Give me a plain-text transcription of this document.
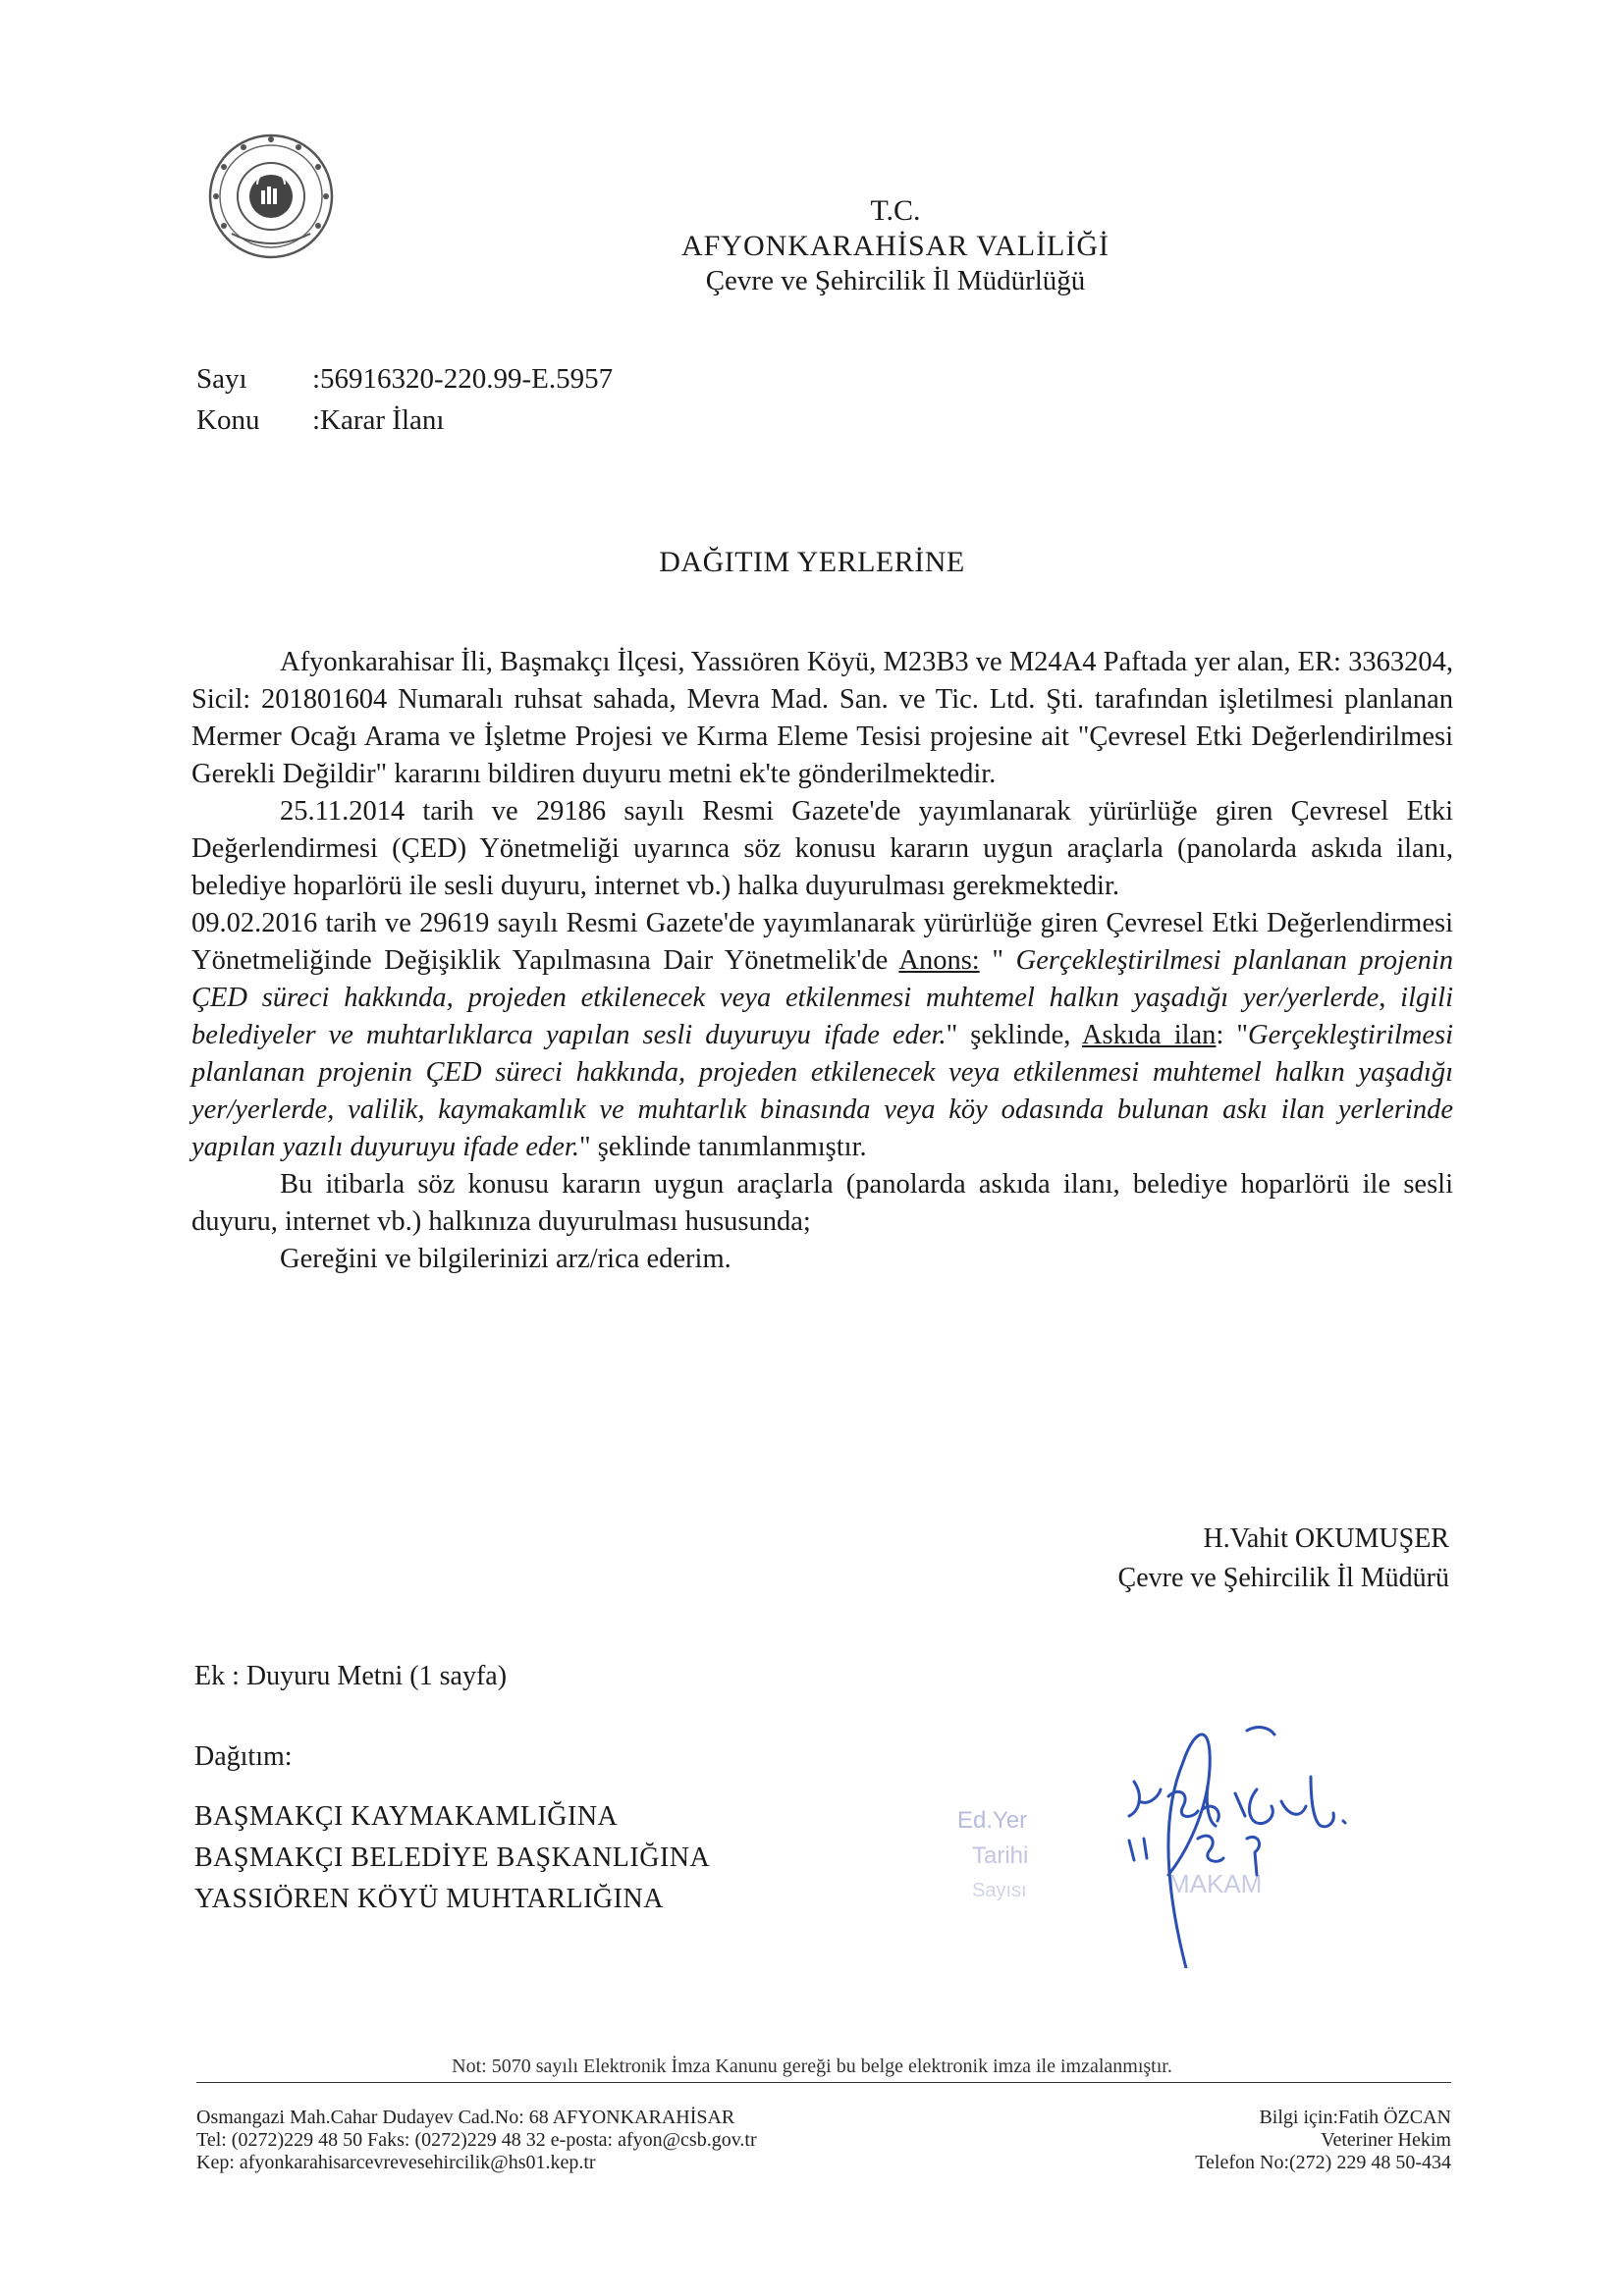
T.C.
AFYONKARAHİSAR VALİLİĞİ
Çevre ve Şehircilik İl Müdürlüğü
Sayı :56916320-220.99-E.5957
Konu :Karar İlanı
DAĞITIM YERLERİNE

Afyonkarahisar İli, Başmakçı İlçesi, Yassıören Köyü, M23B3 ve M24A4 Paftada yer alan, ER: 3363204, Sicil: 201801604 Numaralı ruhsat sahada, Mevra Mad. San. ve Tic. Ltd. Şti. tarafından işletilmesi planlanan Mermer Ocağı Arama ve İşletme Projesi ve Kırma Eleme Tesisi projesine ait "Çevresel Etki Değerlendirilmesi Gerekli Değildir" kararını bildiren duyuru metni ek'te gönderilmektedir.

25.11.2014 tarih ve 29186 sayılı Resmi Gazete'de yayımlanarak yürürlüğe giren Çevresel Etki Değerlendirmesi (ÇED) Yönetmeliği uyarınca söz konusu kararın uygun araçlarla (panolarda askıda ilanı, belediye hoparlörü ile sesli duyuru, internet vb.) halka duyurulması gerekmektedir.

09.02.2016 tarih ve 29619 sayılı Resmi Gazete'de yayımlanarak yürürlüğe giren Çevresel Etki Değerlendirmesi Yönetmeliğinde Değişiklik Yapılmasına Dair Yönetmelik'de Anons: " Gerçekleştirilmesi planlanan projenin ÇED süreci hakkında, projeden etkilenecek veya etkilenmesi muhtemel halkın yaşadığı yer/yerlerde, ilgili belediyeler ve muhtarlıklarca yapılan sesli duyuruyu ifade eder." şeklinde, Askıda ilan: "Gerçekleştirilmesi planlanan projenin ÇED süreci hakkında, projeden etkilenecek veya etkilenmesi muhtemel halkın yaşadığı yer/yerlerde, valilik, kaymakamlık ve muhtarlık binasında veya köy odasında bulunan askı ilan yerlerinde yapılan yazılı duyuruyu ifade eder." şeklinde tanımlanmıştır.

Bu itibarla söz konusu kararın uygun araçlarla (panolarda askıda ilanı, belediye hoparlörü ile sesli duyuru, internet vb.) halkınıza duyurulması hususunda;

Gereğini ve bilgilerinizi arz/rica ederim.

H.Vahit OKUMUŞER
Çevre ve Şehircilik İl Müdürü
Ek : Duyuru Metni (1 sayfa)
Dağıtım:
BAŞMAKÇI KAYMAKAMLIĞINA
BAŞMAKÇI BELEDİYE BAŞKANLIĞINA
YASSIÖREN KÖYÜ MUHTARLIĞINA
Ed.Yer
Tarihi
Sayısı	MAKAM
Not: 5070 sayılı Elektronik İmza Kanunu gereği bu belge elektronik imza ile imzalanmıştır.
Osmangazi Mah.Cahar Dudayev Cad.No: 68 AFYONKARAHİSAR
Tel: (0272)229 48 50 Faks: (0272)229 48 32 e-posta: afyon@csb.gov.tr
Kep: afyonkarahisarcevrevesehircilik@hs01.kep.tr
Bilgi için:Fatih ÖZCAN
Veteriner Hekim
Telefon No:(272) 229 48 50-434
